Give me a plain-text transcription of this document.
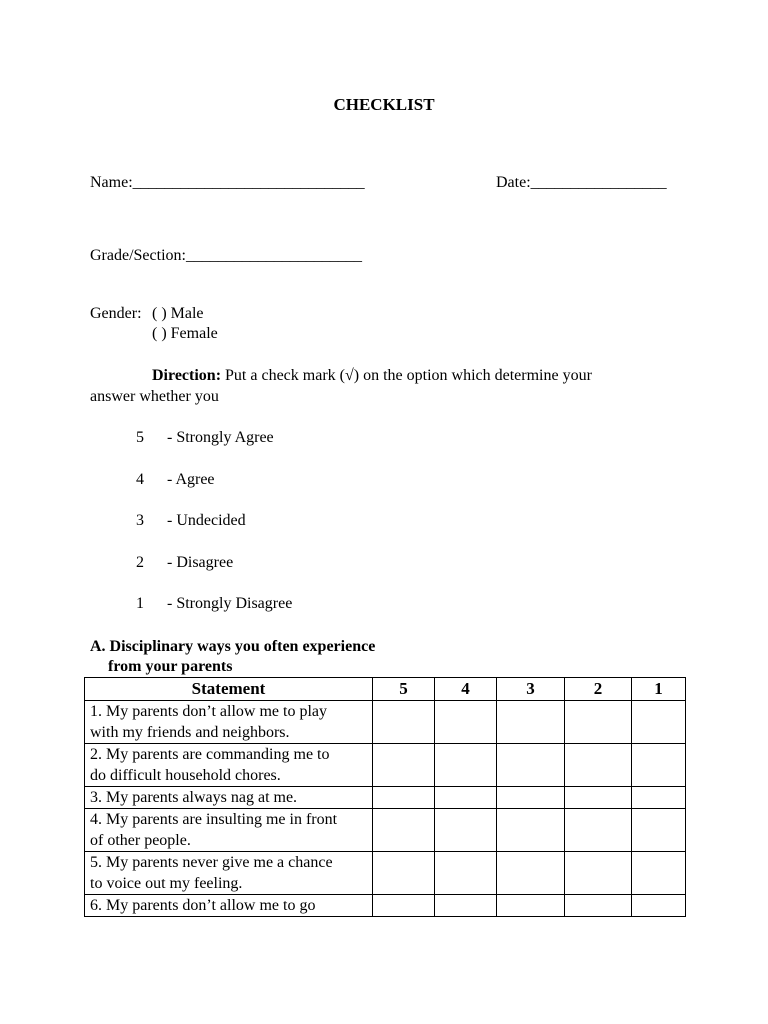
CHECKLIST
Name:_____________________________	Date:_________________
Grade/Section:______________________
Gender: ( ) Male
( ) Female
Direction: Put a check mark (√) on the option which determine your
answer whether you
5 - Strongly Agree
4 - Agree
3 - Undecided
2 - Disagree
1 - Strongly Disagree
A. Disciplinary ways you often experience
from your parents
Statement	5	4	3	2	1
1. My parents don’t allow me to play
with my friends and neighbors.					
2. My parents are commanding me to
do difficult household chores.					
3. My parents always nag at me.					
4. My parents are insulting me in front
of other people.					
5. My parents never give me a chance
to voice out my feeling.					
6. My parents don’t allow me to go					
